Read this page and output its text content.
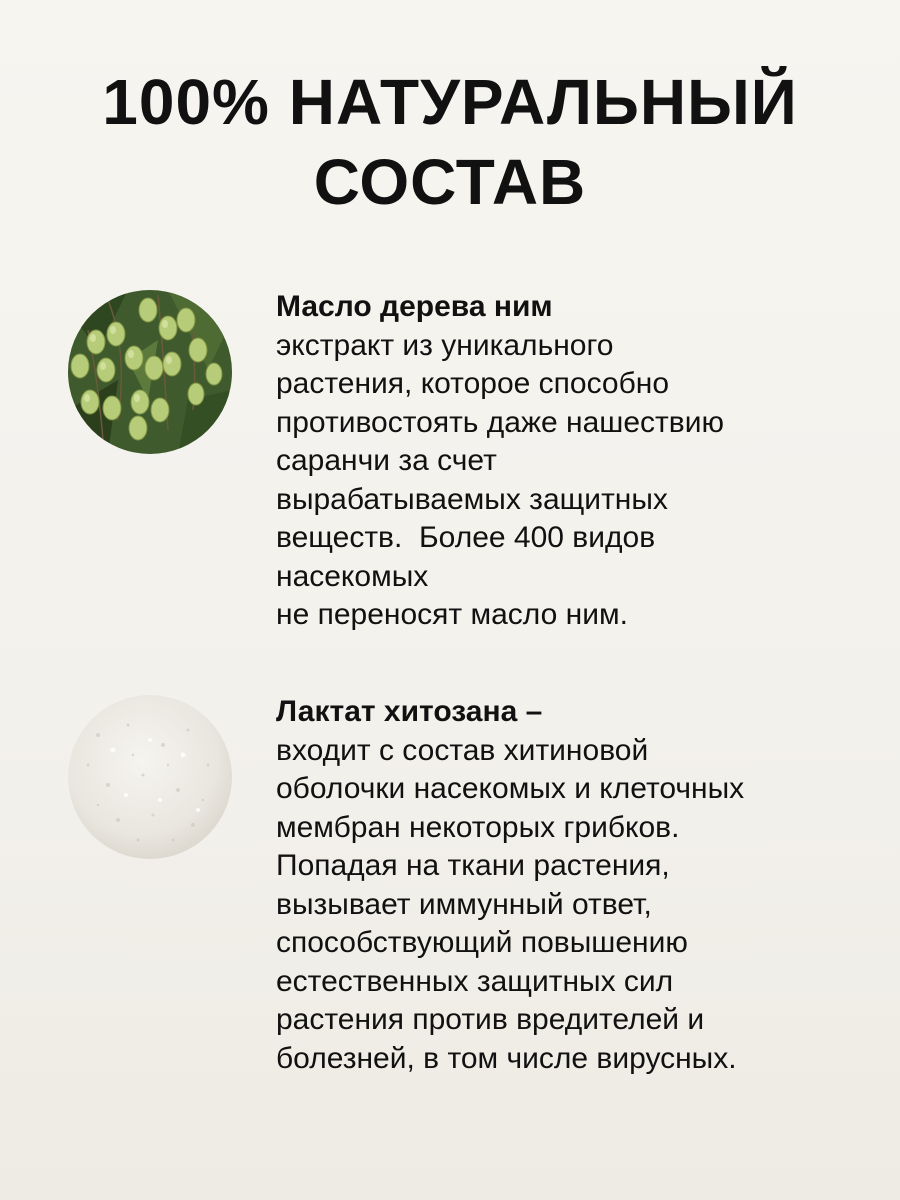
100% НАТУРАЛЬНЫЙ
СОСТАВ
Масло дерева ним
экстракт из уникального
растения, которое способно
противостоять даже нашествию
саранчи за счет
вырабатываемых защитных
веществ.  Более 400 видов
насекомых
не переносят масло ним.
Лактат хитозана –
входит с состав хитиновой
оболочки насекомых и клеточных
мембран некоторых грибков.
Попадая на ткани растения,
вызывает иммунный ответ,
способствующий повышению
естественных защитных сил
растения против вредителей и
болезней, в том числе вирусных.
